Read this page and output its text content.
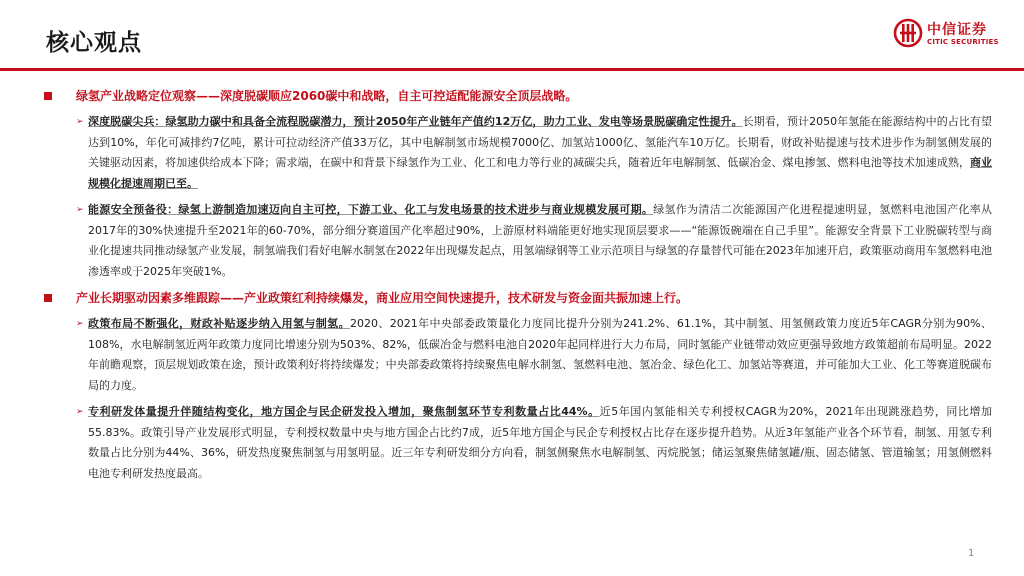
核心观点	中信证券
CITIC SECURITIES
绿氢产业战略定位观察——深度脱碳顺应2060碳中和战略，自主可控适配能源安全顶层战略。
➢ 深度脱碳尖兵：绿氢助力碳中和具备全流程脱碳潜力，预计2050年产业链年产值约12万亿，助力工业、发电等场景脱碳确定性提升。长期看，预计2050年氢能在能源结构中的占比有望达到10%，年化可减排约7亿吨，累计可拉动经济产值33万亿，其中电解制氢市场规模7000亿、加氢站1000亿、氢能汽车10万亿。长期看，财政补贴提速与技术进步作为制氢侧发展的关键驱动因素，将加速供给成本下降；需求端，在碳中和背景下绿氢作为工业、化工和电力等行业的减碳尖兵，随着近年电解制氢、低碳冶金、煤电掺氢、燃料电池等技术加速成熟，商业规模化提速周期已至。
➢ 能源安全预备役：绿氢上游制造加速迈向自主可控，下游工业、化工与发电场景的技术进步与商业规模发展可期。绿氢作为清洁二次能源国产化进程提速明显，氢燃料电池国产化率从2017年的30%快速提升至2021年的60-70%，部分细分赛道国产化率超过90%，上游原材料端能更好地实现顶层要求——“能源饭碗端在自己手里”。能源安全背景下工业脱碳转型与商业化提速共同推动绿氢产业发展，制氢端我们看好电解水制氢在2022年出现爆发起点，用氢端绿钢等工业示范项目与绿氢的存量替代可能在2023年加速开启，政策驱动商用车氢燃料电池渗透率或于2025年突破1%。
产业长期驱动因素多维跟踪——产业政策红利持续爆发，商业应用空间快速提升，技术研发与资金面共振加速上行。
➢ 政策布局不断强化，财政补贴逐步纳入用氢与制氢。2020、2021年中央部委政策量化力度同比提升分别为241.2%、61.1%，其中制氢、用氢侧政策力度近5年CAGR分别为90%、108%，水电解制氢近两年政策力度同比增速分别为503%、82%，低碳冶金与燃料电池自2020年起同样进行大力布局，同时氢能产业链带动效应更强导致地方政策超前布局明显。2022年前瞻观察，顶层规划政策在途，预计政策利好将持续爆发；中央部委政策将持续聚焦电解水制氢、氢燃料电池、氢冶金、绿色化工、加氢站等赛道，并可能加大工业、化工等赛道脱碳布局的力度。
➢ 专利研发体量提升伴随结构变化，地方国企与民企研发投入增加，聚焦制氢环节专利数量占比44%。近5年国内氢能相关专利授权CAGR为20%，2021年出现跳涨趋势，同比增加55.83%。政策引导产业发展形式明显，专利授权数量中央与地方国企占比约7成，近5年地方国企与民企专利授权占比存在逐步提升趋势。从近3年氢能产业各个环节看，制氢、用氢专利数量占比分别为44%、36%，研发热度聚焦制氢与用氢明显。近三年专利研发细分方向看，制氢侧聚焦水电解制氢、丙烷脱氢；储运氢聚焦储氢罐/瓶、固态储氢、管道输氢；用氢侧燃料电池专利研发热度最高。
1
